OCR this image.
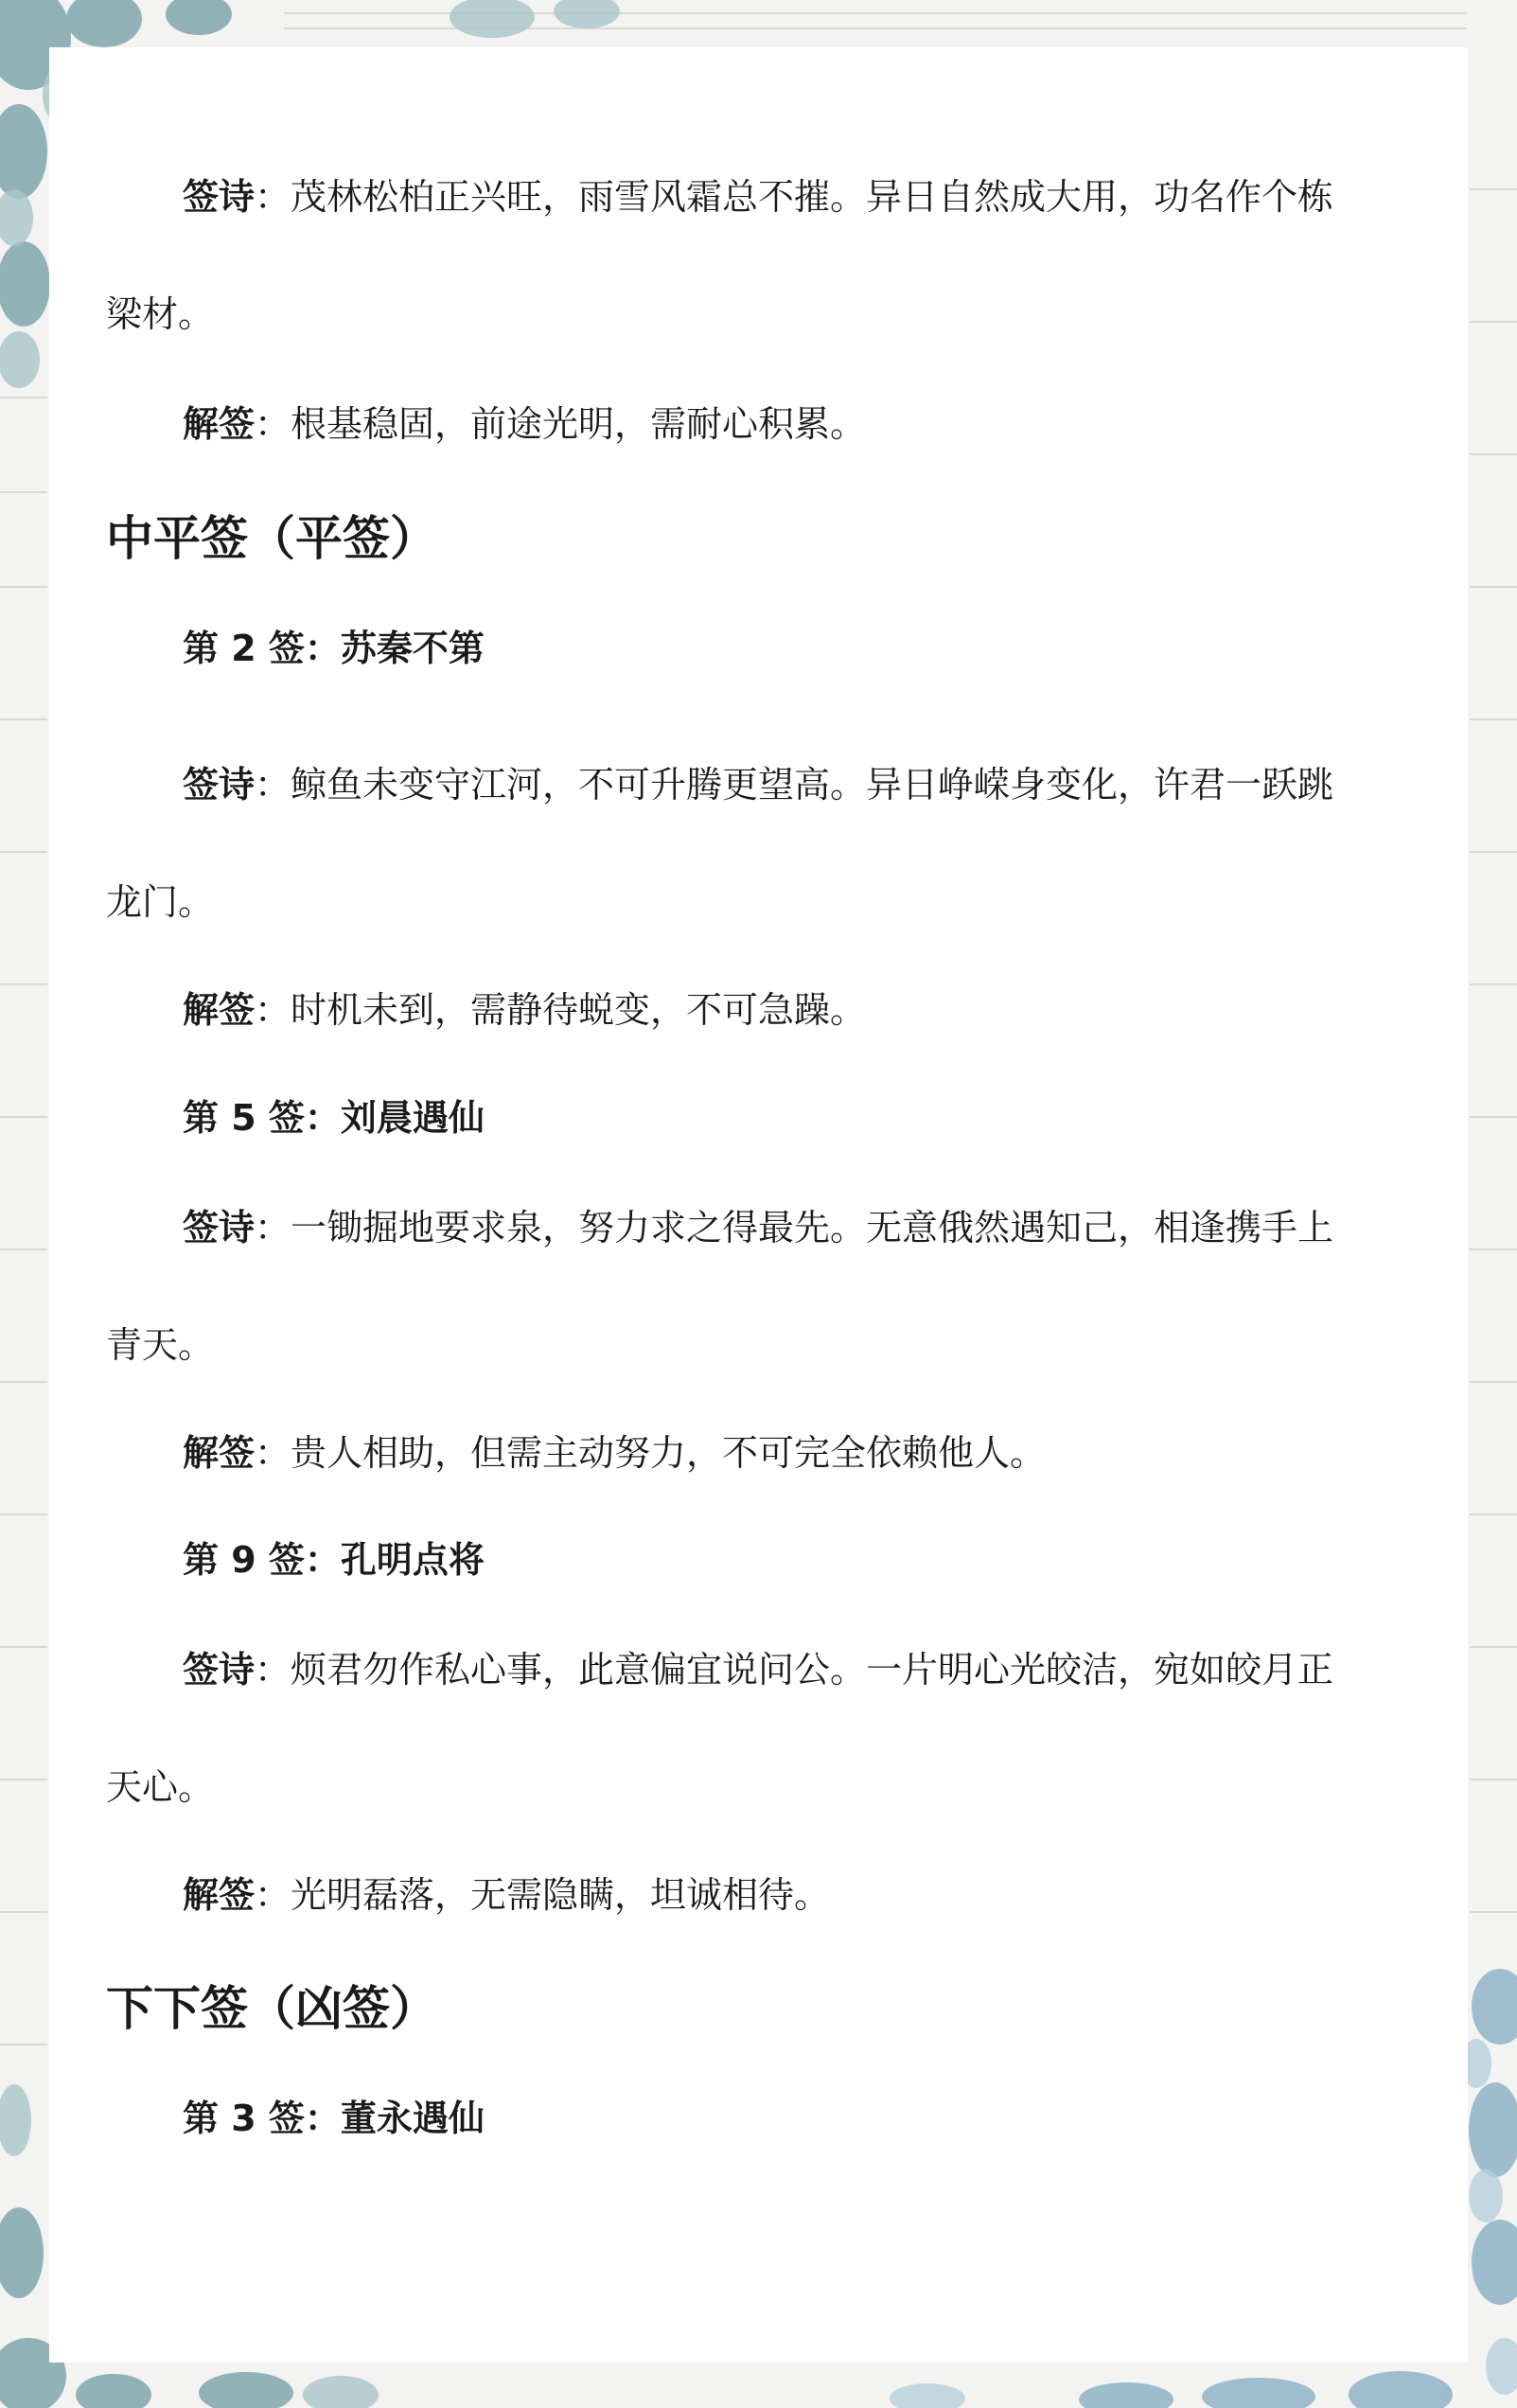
签诗：茂林松柏正兴旺，雨雪风霜总不摧。异日自然成大用，功名作个栋
梁材。
解签：根基稳固，前途光明，需耐心积累。
中平签（平签）
第 2 签：苏秦不第
签诗：鲸鱼未变守江河，不可升腾更望高。异日峥嵘身变化，许君一跃跳
龙门。
解签：时机未到，需静待蜕变，不可急躁。
第 5 签：刘晨遇仙
签诗：一锄掘地要求泉，努力求之得最先。无意俄然遇知己，相逢携手上
青天。
解签：贵人相助，但需主动努力，不可完全依赖他人。
第 9 签：孔明点将
签诗：烦君勿作私心事，此意偏宜说问公。一片明心光皎洁，宛如皎月正
天心。
解签：光明磊落，无需隐瞒，坦诚相待。
下下签（凶签）
第 3 签：董永遇仙
